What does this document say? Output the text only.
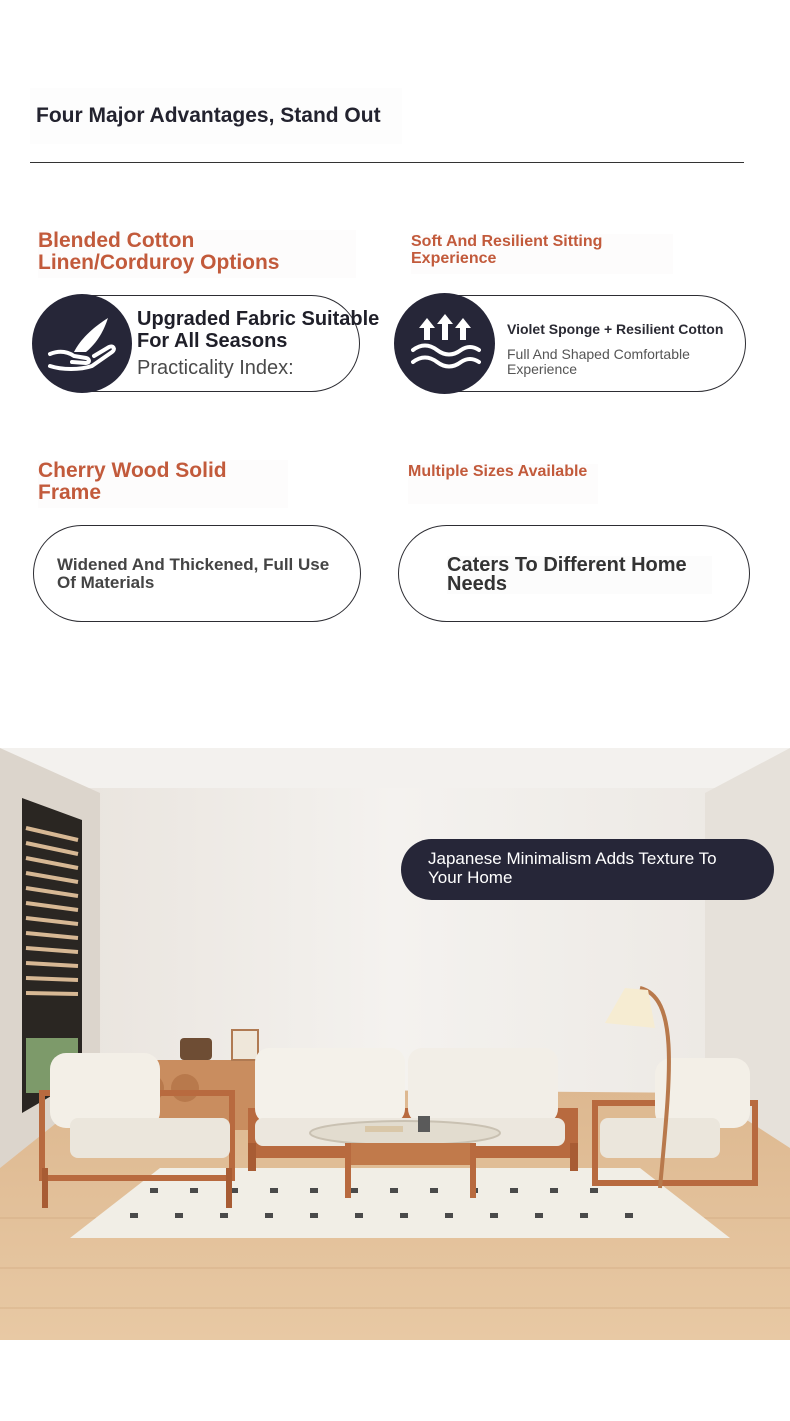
Four Major Advantages, Stand Out
Blended Cotton Linen/Corduroy Options
Upgraded Fabric Suitable For All Seasons
Practicality Index:
Soft And Resilient Sitting Experience
Violet Sponge + Resilient Cotton
Full And Shaped Comfortable Experience
Cherry Wood Solid Frame
Widened And Thickened, Full Use Of Materials
Multiple Sizes Available
Caters To Different Home Needs
Japanese Minimalism Adds Texture To Your Home
